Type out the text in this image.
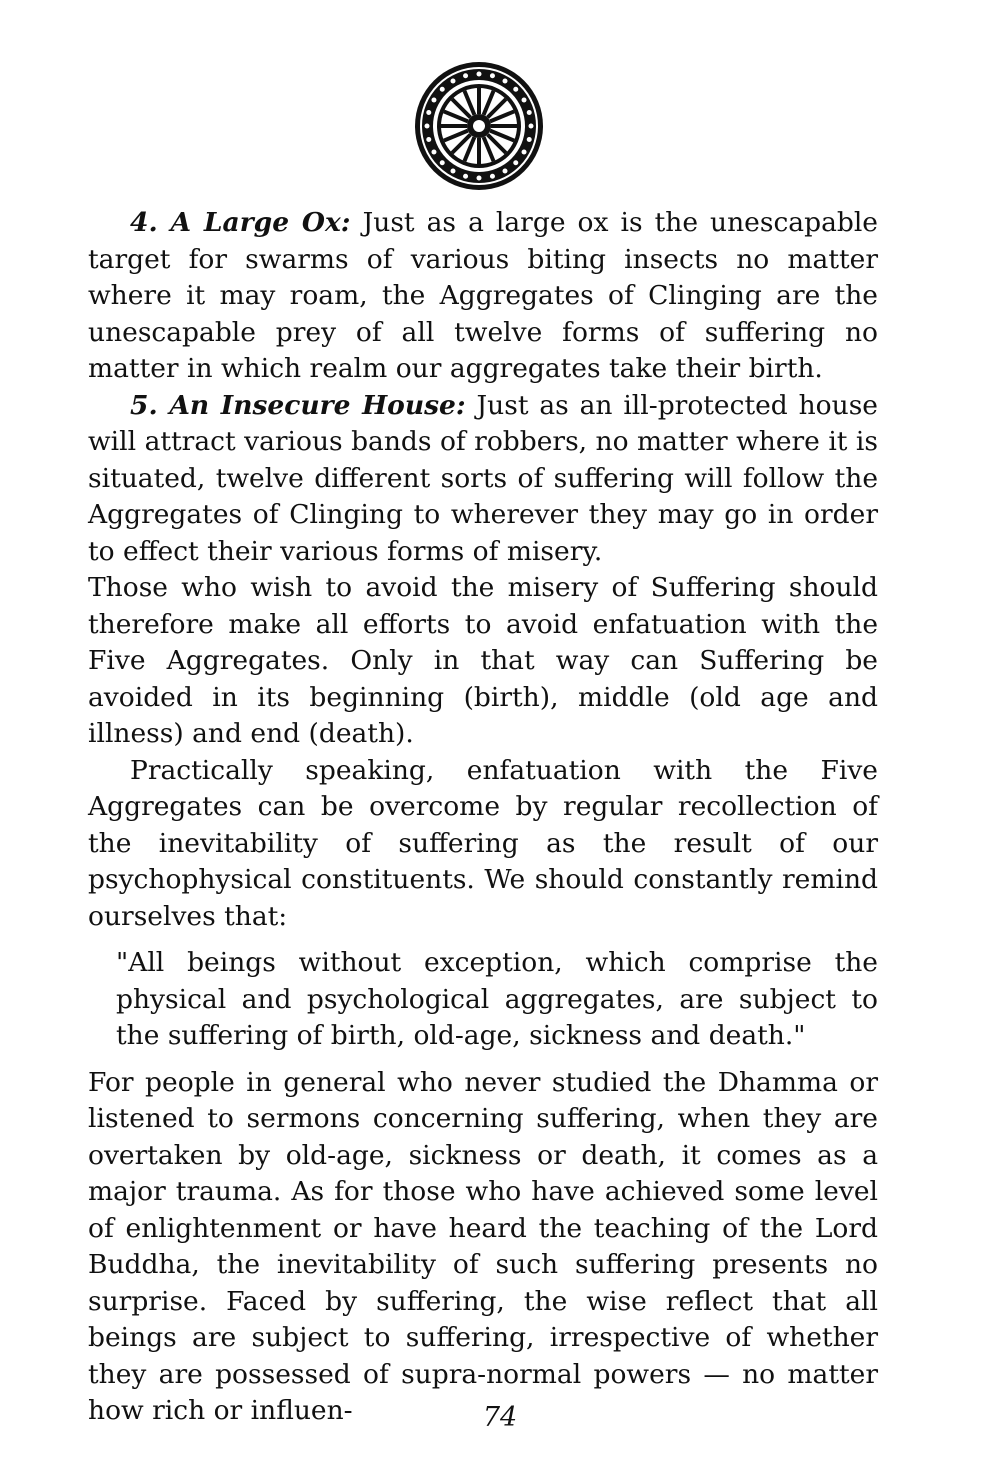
4. A Large Ox: Just as a large ox is the unescapable target for swarms of various biting insects no matter where it may roam, the Aggregates of Clinging are the unescapable prey of all twelve forms of suffering no matter in which realm our aggregates take their birth.

5. An Insecure House: Just as an ill-protected house will attract various bands of robbers, no matter where it is situated, twelve different sorts of suffering will follow the Aggregates of Clinging to wherever they may go in order to effect their various forms of misery.

Those who wish to avoid the misery of Suffering should therefore make all efforts to avoid enfatuation with the Five Aggregates. Only in that way can Suffering be avoided in its beginning (birth), middle (old age and illness) and end (death).

Practically speaking, enfatuation with the Five Aggregates can be overcome by regular recollection of the inevitability of suffering as the result of our psychophysical constituents. We should constantly remind ourselves that:

"All beings without exception, which comprise the physical and psychological aggregates, are subject to the suffering of birth, old-age, sickness and death."

For people in general who never studied the Dhamma or listened to sermons concerning suffering, when they are overtaken by old-age, sickness or death, it comes as a major trauma. As for those who have achieved some level of enlightenment or have heard the teaching of the Lord Buddha, the inevitability of such suffering presents no surprise. Faced by suffering, the wise reflect that all beings are subject to suffering, irrespective of whether they are possessed of supra-normal powers — no matter how rich or influen-	74
